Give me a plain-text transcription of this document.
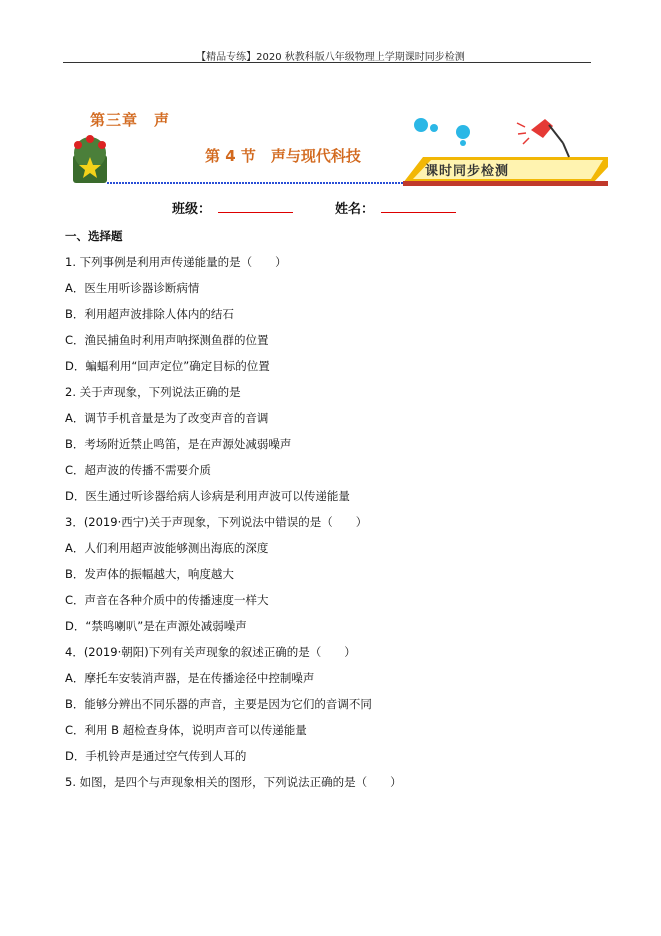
【精品专练】2020 秋教科版八年级物理上学期课时同步检测
第三章　声
第 4 节　声与现代科技
课时同步检测
班级：	姓名：
一、选择题
1. 下列事例是利用声传递能量的是（　　）
A．医生用听诊器诊断病情
B．利用超声波排除人体内的结石
C．渔民捕鱼时利用声呐探测鱼群的位置
D．蝙蝠利用“回声定位”确定目标的位置
2. 关于声现象，下列说法正确的是
A．调节手机音量是为了改变声音的音调
B．考场附近禁止鸣笛，是在声源处减弱噪声
C．超声波的传播不需要介质
D．医生通过听诊器给病人诊病是利用声波可以传递能量
3．(2019·西宁)关于声现象，下列说法中错误的是（　　）
A．人们利用超声波能够测出海底的深度
B．发声体的振幅越大，响度越大
C．声音在各种介质中的传播速度一样大
D．“禁鸣喇叭”是在声源处减弱噪声
4．(2019·朝阳)下列有关声现象的叙述正确的是（　　）
A．摩托车安装消声器，是在传播途径中控制噪声
B．能够分辨出不同乐器的声音，主要是因为它们的音调不同
C．利用 B 超检查身体，说明声音可以传递能量
D．手机铃声是通过空气传到人耳的
5. 如图，是四个与声现象相关的图形，下列说法正确的是（　　）
